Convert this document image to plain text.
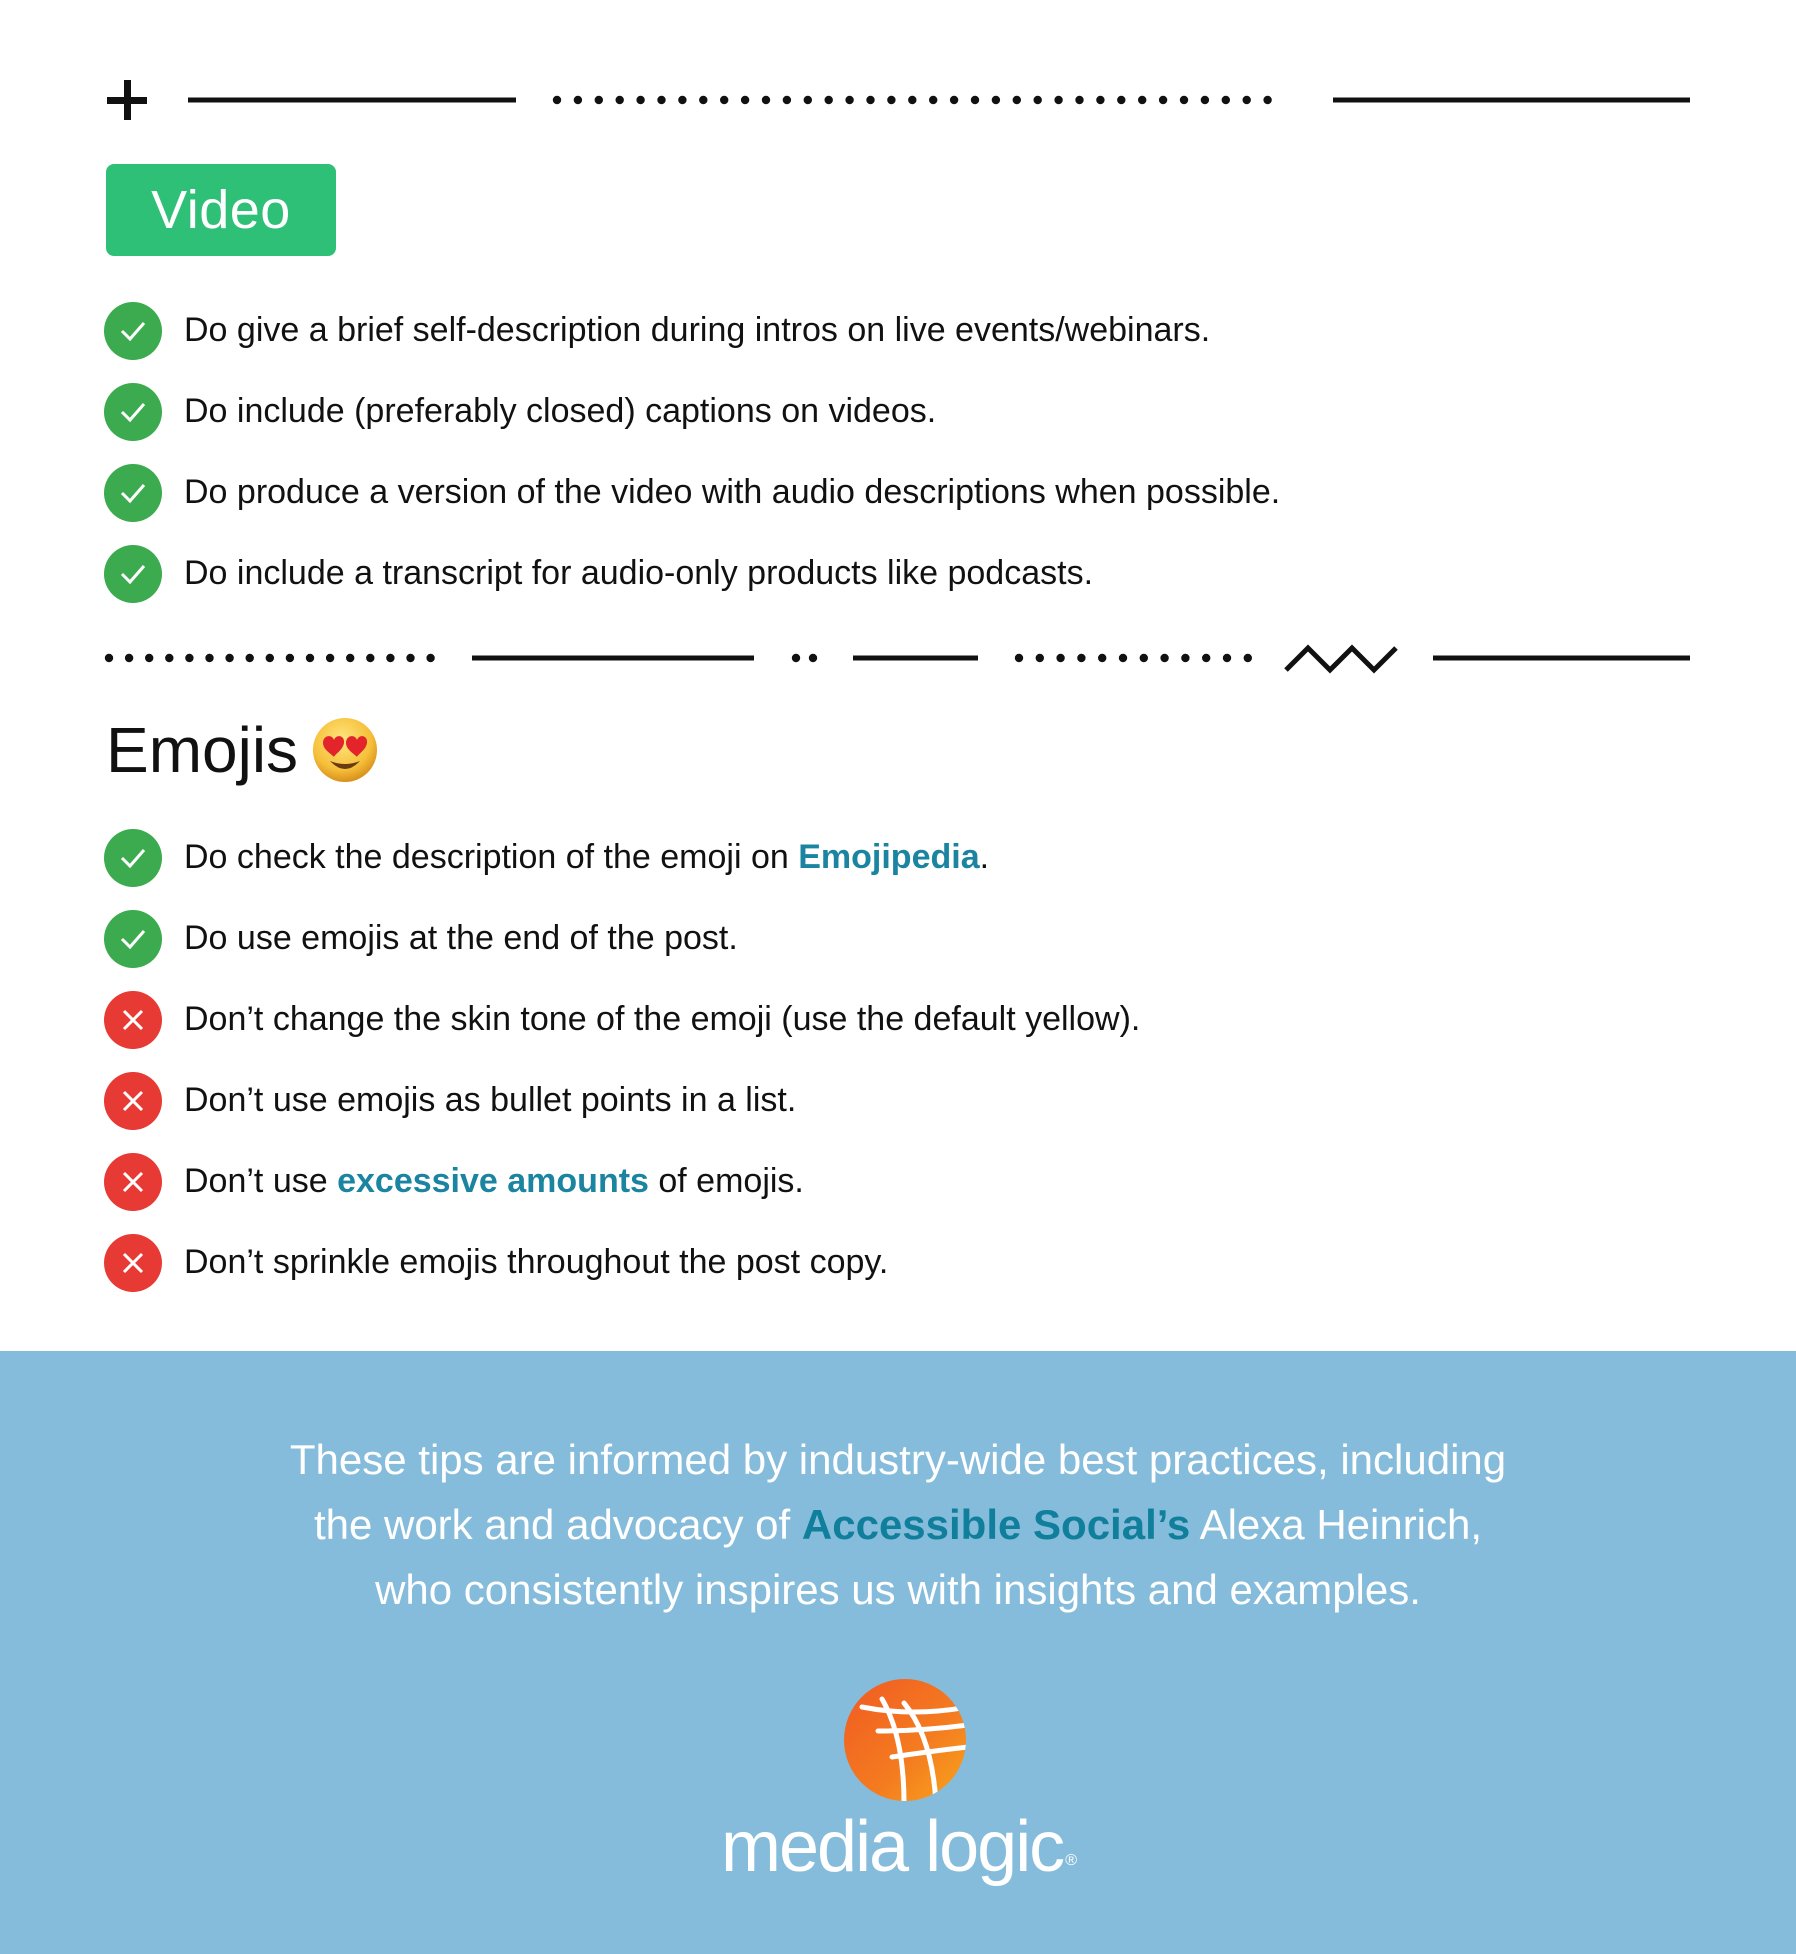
Video
Do give a brief self-description during intros on live events/webinars.
Do include (preferably closed) captions on videos.
Do produce a version of the video with audio descriptions when possible.
Do include a transcript for audio-only products like podcasts.
Emojis
Do check the description of the emoji on Emojipedia.
Do use emojis at the end of the post.
Don’t change the skin tone of the emoji (use the default yellow).
Don’t use emojis as bullet points in a list.
Don’t use excessive amounts of emojis.
Don’t sprinkle emojis throughout the post copy.

These tips are informed by industry-wide best practices, including
the work and advocacy of Accessible Social’s Alexa Heinrich,
who consistently inspires us with insights and examples.

media logic ®
